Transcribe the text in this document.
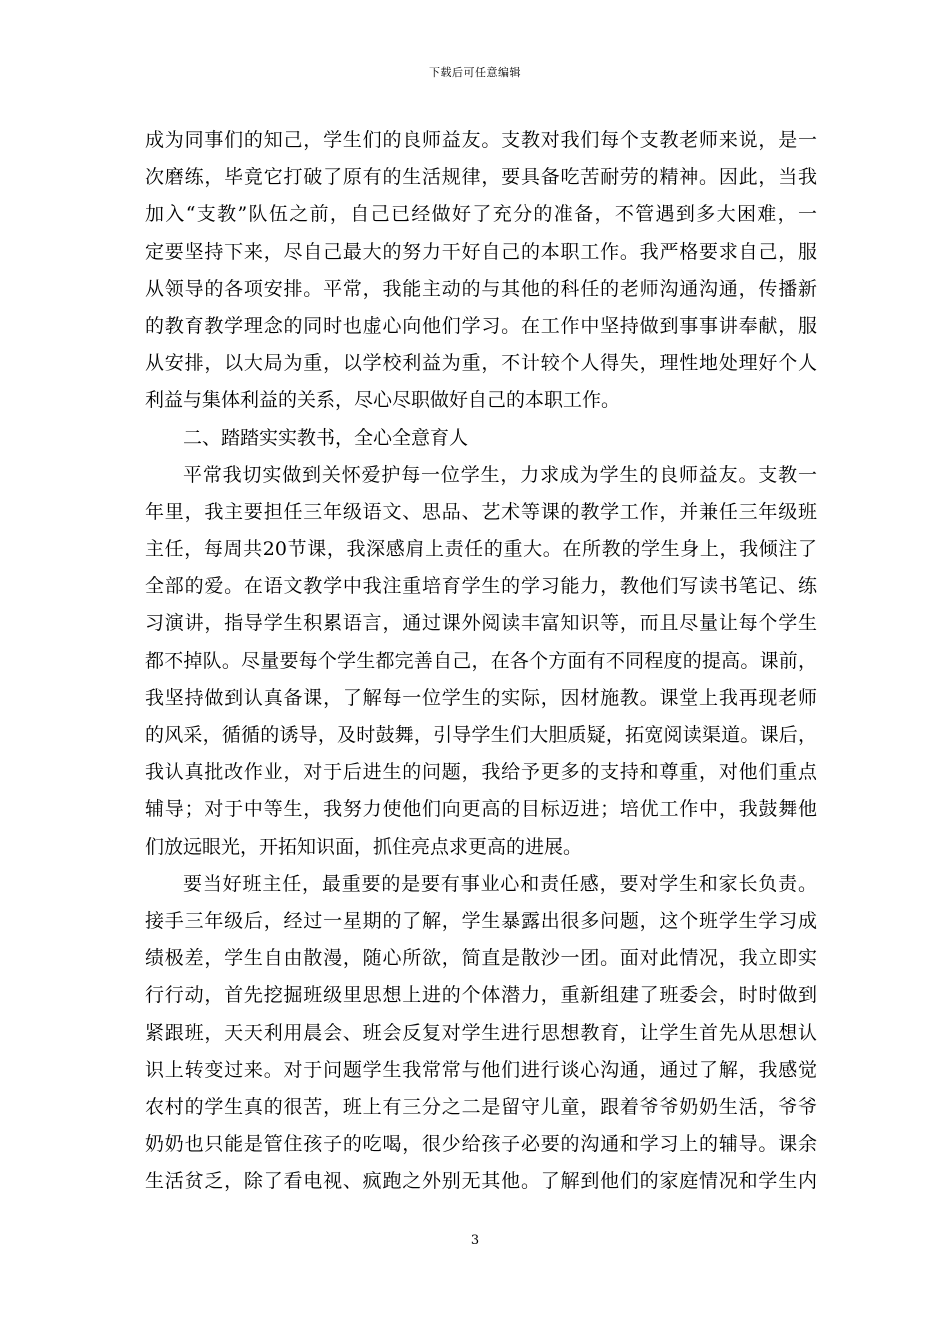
下载后可任意编辑
成为同事们的知己，学生们的良师益友。支教对我们每个支教老师来说，是一
次磨练，毕竟它打破了原有的生活规律，要具备吃苦耐劳的精神。因此，当我
加入“支教”队伍之前，自己已经做好了充分的准备，不管遇到多大困难，一
定要坚持下来，尽自己最大的努力干好自己的本职工作。我严格要求自己，服
从领导的各项安排。平常，我能主动的与其他的科任的老师沟通沟通，传播新
的教育教学理念的同时也虚心向他们学习。在工作中坚持做到事事讲奉献，服
从安排，以大局为重，以学校利益为重，不计较个人得失，理性地处理好个人
利益与集体利益的关系，尽心尽职做好自己的本职工作。
二、踏踏实实教书，全心全意育人
平常我切实做到关怀爱护每一位学生，力求成为学生的良师益友。支教一
年里，我主要担任三年级语文、思品、艺术等课的教学工作，并兼任三年级班
主任，每周共20节课，我深感肩上责任的重大。在所教的学生身上，我倾注了
全部的爱。在语文教学中我注重培育学生的学习能力，教他们写读书笔记、练
习演讲，指导学生积累语言，通过课外阅读丰富知识等，而且尽量让每个学生
都不掉队。尽量要每个学生都完善自己，在各个方面有不同程度的提高。课前，
我坚持做到认真备课，了解每一位学生的实际，因材施教。课堂上我再现老师
的风采，循循的诱导，及时鼓舞，引导学生们大胆质疑，拓宽阅读渠道。课后，
我认真批改作业，对于后进生的问题，我给予更多的支持和尊重，对他们重点
辅导；对于中等生，我努力使他们向更高的目标迈进；培优工作中，我鼓舞他
们放远眼光，开拓知识面，抓住亮点求更高的进展。
要当好班主任，最重要的是要有事业心和责任感，要对学生和家长负责。
接手三年级后，经过一星期的了解，学生暴露出很多问题，这个班学生学习成
绩极差，学生自由散漫，随心所欲，简直是散沙一团。面对此情况，我立即实
行行动，首先挖掘班级里思想上进的个体潜力，重新组建了班委会，时时做到
紧跟班，天天利用晨会、班会反复对学生进行思想教育，让学生首先从思想认
识上转变过来。对于问题学生我常常与他们进行谈心沟通，通过了解，我感觉
农村的学生真的很苦，班上有三分之二是留守儿童，跟着爷爷奶奶生活，爷爷
奶奶也只能是管住孩子的吃喝，很少给孩子必要的沟通和学习上的辅导。课余
生活贫乏，除了看电视、疯跑之外别无其他。了解到他们的家庭情况和学生内
3
